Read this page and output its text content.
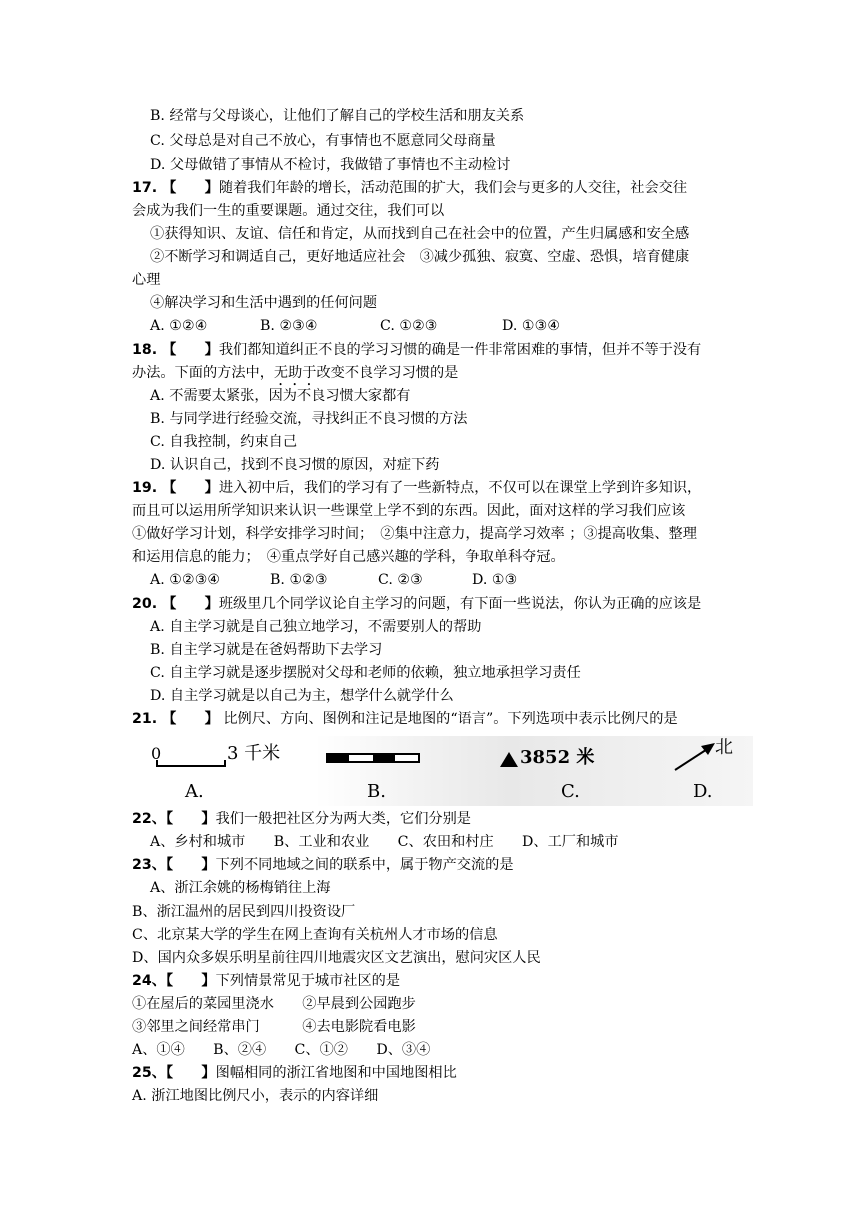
B. 经常与父母谈心，让他们了解自己的学校生活和朋友关系
C. 父母总是对自己不放心，有事情也不愿意同父母商量
D. 父母做错了事情从不检讨，我做错了事情也不主动检讨
17. 【　　】随着我们年龄的增长，活动范围的扩大，我们会与更多的人交往，社会交往
会成为我们一生的重要课题。通过交往，我们可以
①获得知识、友谊、信任和肯定，从而找到自己在社会中的位置，产生归属感和安全感
②不断学习和调适自己，更好地适应社会　③减少孤独、寂寞、空虚、恐惧，培育健康
心理
④解决学习和生活中遇到的任何问题
A. ①②④	B. ②③④	C. ①②③	D. ①③④
18. 【　　】我们都知道纠正不良的学习习惯的确是一件非常困难的事情，但并不等于没有
办法。下面的方法中，无助于改变不良学习习惯的是
A. 不需要太紧张，因为不良习惯大家都有
B. 与同学进行经验交流，寻找纠正不良习惯的方法
C. 自我控制，约束自己
D. 认识自己，找到不良习惯的原因，对症下药
19. 【　　】进入初中后，我们的学习有了一些新特点，不仅可以在课堂上学到许多知识，
而且可以运用所学知识来认识一些课堂上学不到的东西。因此，面对这样的学习我们应该
①做好学习计划，科学安排学习时间；　②集中注意力，提高学习效率 ；③提高收集、整理
和运用信息的能力；　④重点学好自己感兴趣的学科，争取单科夺冠。
A. ①②③④	B. ①②③	C. ②③	D. ①③
20. 【　　】班级里几个同学议论自主学习的问题，有下面一些说法，你认为正确的应该是
A. 自主学习就是自己独立地学习，不需要别人的帮助
B. 自主学习就是在爸妈帮助下去学习
C. 自主学习就是逐步摆脱对父母和老师的依赖，独立地承担学习责任
D. 自主学习就是以自己为主，想学什么就学什么
21. 【　　】 比例尺、方向、图例和注记是地图的“语言”。下列选项中表示比例尺的是
0	3 千米	3852 米	北
A.	B.	C.	D.
22、【　　】我们一般把社区分为两大类，它们分别是
A、乡村和城市　　B、工业和农业　　C、农田和村庄　　D、工厂和城市
23、【　　】下列不同地域之间的联系中，属于物产交流的是
A、浙江余姚的杨梅销往上海
B、浙江温州的居民到四川投资设厂
C、北京某大学的学生在网上查询有关杭州人才市场的信息
D、国内众多娱乐明星前往四川地震灾区文艺演出，慰问灾区人民
24、【　　】下列情景常见于城市社区的是
①在屋后的菜园里浇水　　②早晨到公园跑步
③邻里之间经常串门　　　④去电影院看电影
A、①④　　B、②④　　C、①②　　D、③④
25、【　　】图幅相同的浙江省地图和中国地图相比
A. 浙江地图比例尺小，表示的内容详细
